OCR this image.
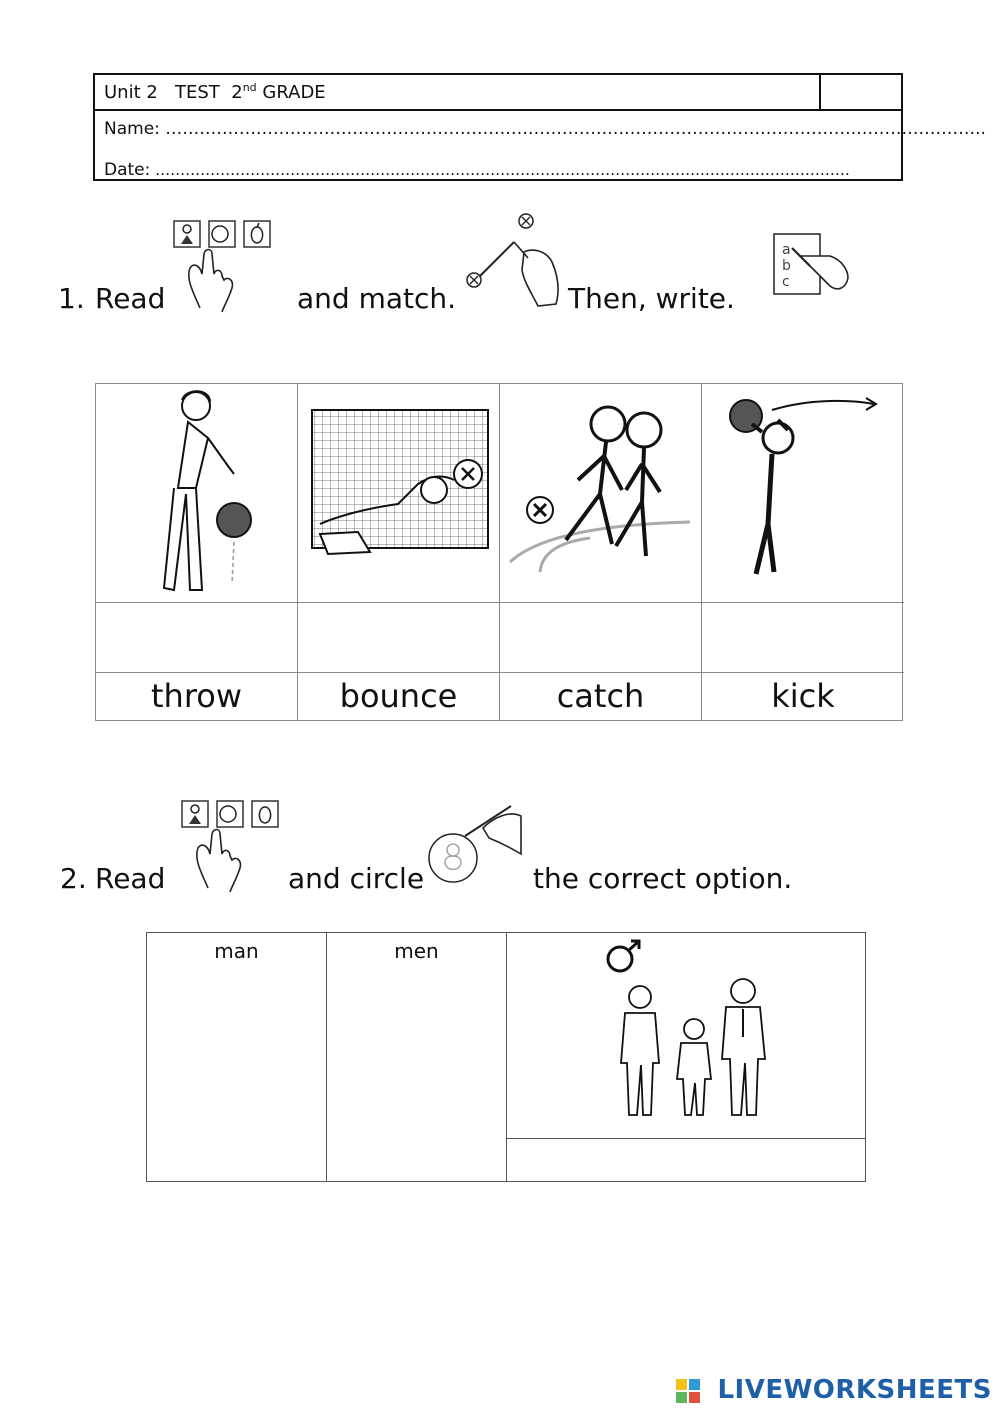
Unit 2 TEST 2nd GRADE
Name: …………………………………………………………………….…………………………………….…………………..
Date: ……………………………………………………………………………………………….…………………………
1. Read	and match.	Then, write.
a
b
c
throw	bounce	catch	kick
2. Read	and circle	the correct option.
man	men
LIVEWORKSHEETS
